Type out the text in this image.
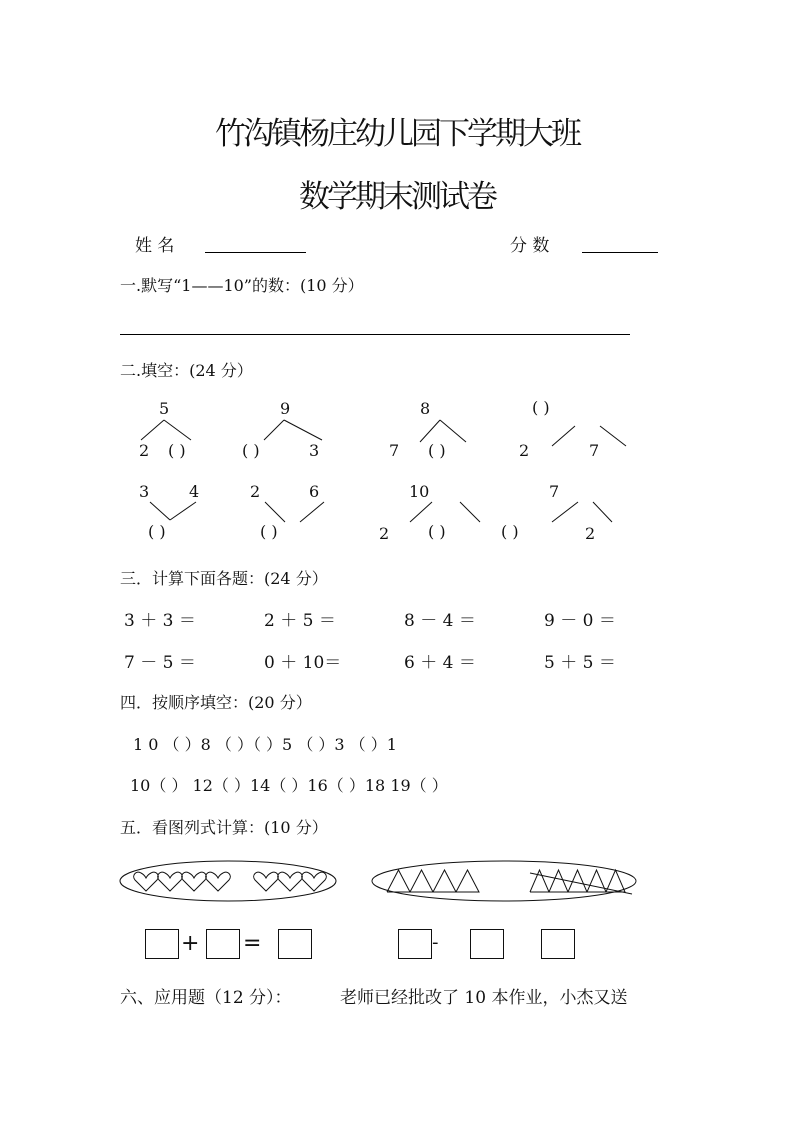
竹沟镇杨庄幼儿园下学期大班
数学期末测试卷
姓 名	分 数
一.默写“1——10”的数：(10 分）
二.填空：(24 分）
5
2 ( )
9
( )	3
8
7 ( )
( )
2	7
3 4
( )
2	6
( )
10
2 ( )
7
( )	2
三．计算下面各题：(24 分）
3 ＋ 3 ＝	2 ＋ 5 ＝	8 － 4 ＝	9 － 0 ＝
7 － 5 ＝	0 ＋ 10＝	6 ＋ 4 ＝	5 ＋ 5 ＝
四．按顺序填空：(20 分）
1 0 （ ）8 （ ）（ ）5 （ ）3 （ ）1
10（ ） 12（ ）14（ ）16（ ）18 19（ ）
五．看图列式计算：(10 分）
+ =	-
六、应用题（12 分）：	老师已经批改了 10 本作业，小杰又送
